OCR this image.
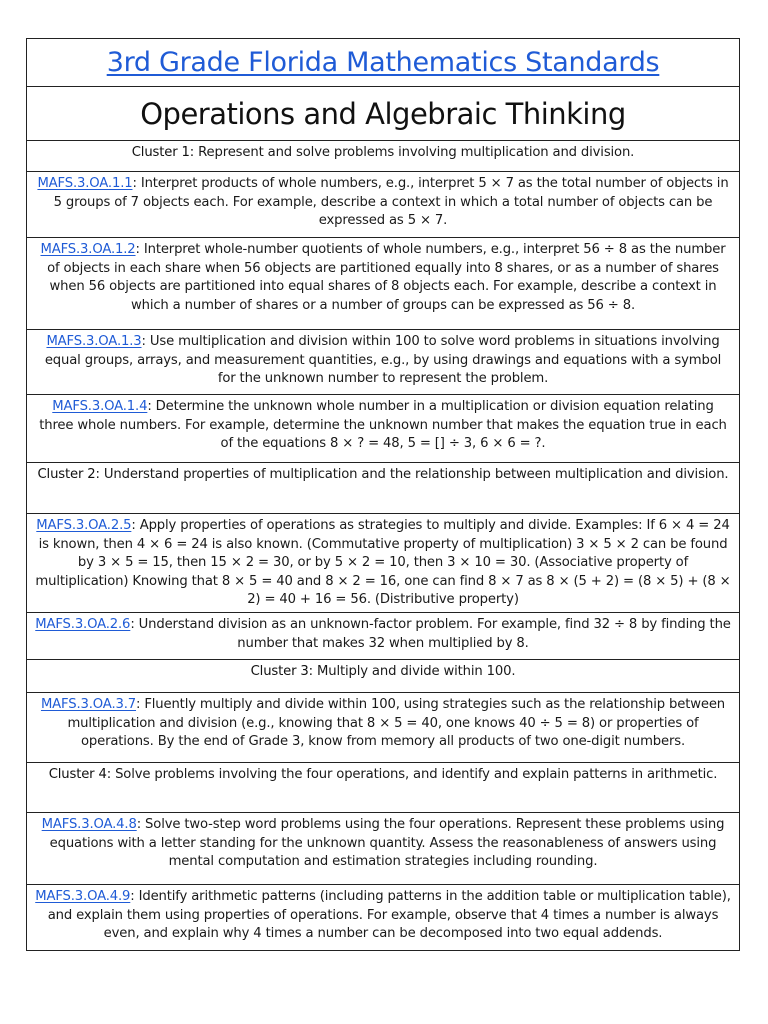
3rd Grade Florida Mathematics Standards
Operations and Algebraic Thinking
Cluster 1: Represent and solve problems involving multiplication and division.
MAFS.3.OA.1.1: Interpret products of whole numbers, e.g., interpret 5 × 7 as the total number of objects in 5 groups of 7 objects each. For example, describe a context in which a total number of objects can be expressed as 5 × 7.
MAFS.3.OA.1.2: Interpret whole-number quotients of whole numbers, e.g., interpret 56 ÷ 8 as the number of objects in each share when 56 objects are partitioned equally into 8 shares, or as a number of shares when 56 objects are partitioned into equal shares of 8 objects each. For example, describe a context in which a number of shares or a number of groups can be expressed as 56 ÷ 8.
MAFS.3.OA.1.3: Use multiplication and division within 100 to solve word problems in situations involving equal groups, arrays, and measurement quantities, e.g., by using drawings and equations with a symbol for the unknown number to represent the problem.
MAFS.3.OA.1.4: Determine the unknown whole number in a multiplication or division equation relating three whole numbers. For example, determine the unknown number that makes the equation true in each of the equations 8 × ? = 48, 5 = [] ÷ 3, 6 × 6 = ?.
Cluster 2: Understand properties of multiplication and the relationship between multiplication and division.
MAFS.3.OA.2.5: Apply properties of operations as strategies to multiply and divide. Examples: If 6 × 4 = 24 is known, then 4 × 6 = 24 is also known. (Commutative property of multiplication) 3 × 5 × 2 can be found by 3 × 5 = 15, then 15 × 2 = 30, or by 5 × 2 = 10, then 3 × 10 = 30. (Associative property of multiplication) Knowing that 8 × 5 = 40 and 8 × 2 = 16, one can find 8 × 7 as 8 × (5 + 2) = (8 × 5) + (8 × 2) = 40 + 16 = 56. (Distributive property)
MAFS.3.OA.2.6: Understand division as an unknown-factor problem. For example, find 32 ÷ 8 by finding the number that makes 32 when multiplied by 8.
Cluster 3: Multiply and divide within 100.
MAFS.3.OA.3.7: Fluently multiply and divide within 100, using strategies such as the relationship between multiplication and division (e.g., knowing that 8 × 5 = 40, one knows 40 ÷ 5 = 8) or properties of operations. By the end of Grade 3, know from memory all products of two one-digit numbers.
Cluster 4: Solve problems involving the four operations, and identify and explain patterns in arithmetic.
MAFS.3.OA.4.8: Solve two-step word problems using the four operations. Represent these problems using equations with a letter standing for the unknown quantity. Assess the reasonableness of answers using mental computation and estimation strategies including rounding.
MAFS.3.OA.4.9: Identify arithmetic patterns (including patterns in the addition table or multiplication table), and explain them using properties of operations. For example, observe that 4 times a number is always even, and explain why 4 times a number can be decomposed into two equal addends.
